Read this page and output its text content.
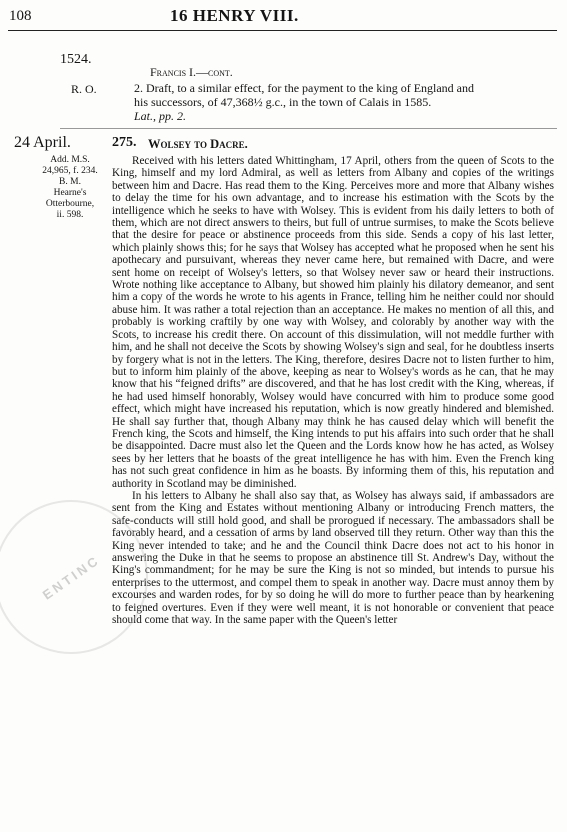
108	16 HENRY VIII.
1524.
R. O.
Francis I.—cont.
2. Draft, to a similar effect, for the payment to the king of England and
his successors, of 47,368½ g.c., in the town of Calais in 1585.
Lat., pp. 2.
24 April.
Add. M.S.
24,965, f. 234.
B. M.
Hearne's
Otterbourne,
ii. 598.
275. Wolsey to Dacre.

Received with his letters dated Whittingham, 17 April, others from the queen of Scots to the King, himself and my lord Admiral, as well as letters from Albany and copies of the writings between him and Dacre. Has read them to the King. Perceives more and more that Albany wishes to delay the time for his own advantage, and to increase his estimation with the Scots by the intelligence which he seeks to have with Wolsey. This is evident from his daily letters to both of them, which are not direct answers to theirs, but full of untrue surmises, to make the Scots believe that the desire for peace or abstinence proceeds from this side. Sends a copy of his last letter, which plainly shows this; for he says that Wolsey has accepted what he proposed when he sent his apothecary and pursuivant, whereas they never came here, but remained with Dacre, and were sent home on receipt of Wolsey's letters, so that Wolsey never saw or heard their instructions. Wrote nothing like acceptance to Albany, but showed him plainly his dilatory demeanor, and sent him a copy of the words he wrote to his agents in France, telling him he neither could nor should abuse him. It was rather a total rejection than an acceptance. He makes no mention of all this, and probably is working craftily by one way with Wolsey, and colorably by another way with the Scots, to increase his credit there. On account of this dissimulation, will not meddle further with him, and he shall not deceive the Scots by showing Wolsey's sign and seal, for he doubtless inserts by forgery what is not in the letters. The King, therefore, desires Dacre not to listen further to him, but to inform him plainly of the above, keeping as near to Wolsey's words as he can, that he may know that his “feigned drifts” are discovered, and that he has lost credit with the King, whereas, if he had used himself honorably, Wolsey would have concurred with him to produce some good effect, which might have increased his reputation, which is now greatly hindered and blemished. He shall say further that, though Albany may think he has caused delay which will benefit the French king, the Scots and himself, the King intends to put his affairs into such order that he shall be disappointed. Dacre must also let the Queen and the Lords know how he has acted, as Wolsey sees by her letters that he boasts of the great intelligence he has with him. Even the French king has not such great confidence in him as he boasts. By informing them of this, his reputation and authority in Scotland may be diminished.

In his letters to Albany he shall also say that, as Wolsey has always said, if ambassadors are sent from the King and Estates without mentioning Albany or introducing French matters, the safe-conducts will still hold good, and shall be prorogued if necessary. The ambassadors shall be favorably heard, and a cessation of arms by land observed till they return. Other way than this the King never intended to take; and he and the Council think Dacre does not act to his honor in answering the Duke in that he seems to propose an abstinence till St. Andrew's Day, without the King's commandment; for he may be sure the King is not so minded, but intends to pursue his enterprises to the uttermost, and compel them to speak in another way. Dacre must annoy them by excourses and warden rodes, for by so doing he will do more to further peace than by hearkening to feigned overtures. Even if they were well meant, it is not honorable or convenient that peace should come that way. In the same paper with the Queen's letter

ENTINC
